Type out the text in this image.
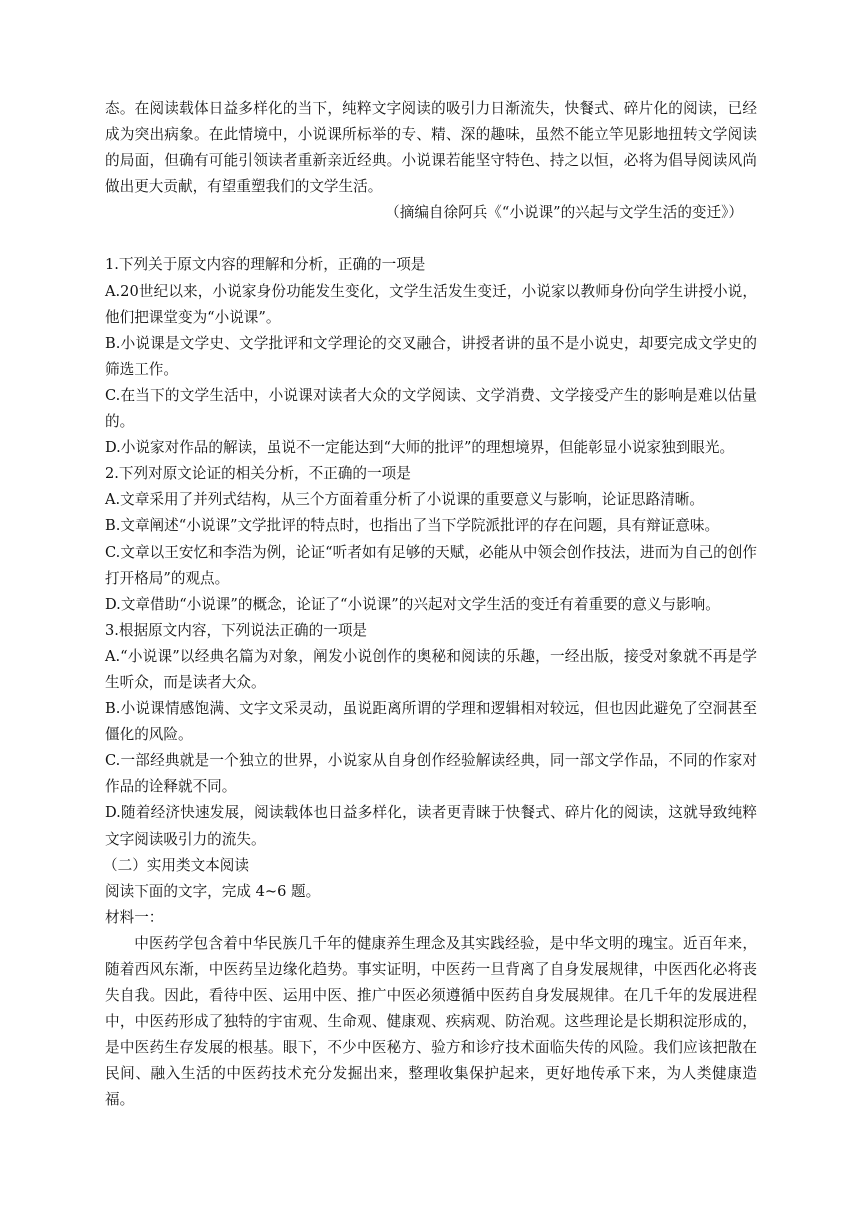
态。在阅读载体日益多样化的当下，纯粹文字阅读的吸引力日渐流失，快餐式、碎片化的阅读，已经成为突出病象。在此情境中，小说课所标举的专、精、深的趣味，虽然不能立竿见影地扭转文学阅读的局面，但确有可能引领读者重新亲近经典。小说课若能坚守特色、持之以恒，必将为倡导阅读风尚做出更大贡献，有望重塑我们的文学生活。

（摘编自徐阿兵《“小说课”的兴起与文学生活的变迁》）

1.下列关于原文内容的理解和分析，正确的一项是

A.20世纪以来，小说家身份功能发生变化，文学生活发生变迁，小说家以教师身份向学生讲授小说，他们把课堂变为“小说课”。

B.小说课是文学史、文学批评和文学理论的交叉融合，讲授者讲的虽不是小说史，却要完成文学史的筛选工作。

C.在当下的文学生活中，小说课对读者大众的文学阅读、文学消费、文学接受产生的影响是难以估量的。

D.小说家对作品的解读，虽说不一定能达到“大师的批评”的理想境界，但能彰显小说家独到眼光。

2.下列对原文论证的相关分析，不正确的一项是

A.文章采用了并列式结构，从三个方面着重分析了小说课的重要意义与影响，论证思路清晰。

B.文章阐述“小说课”文学批评的特点时，也指出了当下学院派批评的存在问题，具有辩证意味。

C.文章以王安忆和李浩为例，论证“听者如有足够的天赋，必能从中领会创作技法，进而为自己的创作打开格局”的观点。

D.文章借助“小说课”的概念，论证了“小说课”的兴起对文学生活的变迁有着重要的意义与影响。

3.根据原文内容，下列说法正确的一项是

A.“小说课”以经典名篇为对象，阐发小说创作的奥秘和阅读的乐趣，一经出版，接受对象就不再是学生听众，而是读者大众。

B.小说课情感饱满、文字文采灵动，虽说距离所谓的学理和逻辑相对较远，但也因此避免了空洞甚至僵化的风险。

C.一部经典就是一个独立的世界，小说家从自身创作经验解读经典，同一部文学作品，不同的作家对作品的诠释就不同。

D.随着经济快速发展，阅读载体也日益多样化，读者更青睐于快餐式、碎片化的阅读，这就导致纯粹文字阅读吸引力的流失。

（二）实用类文本阅读

阅读下面的文字，完成 4~6 题。

材料一：

中医药学包含着中华民族几千年的健康养生理念及其实践经验，是中华文明的瑰宝。近百年来，随着西风东渐，中医药呈边缘化趋势。事实证明，中医药一旦背离了自身发展规律，中医西化必将丧失自我。因此，看待中医、运用中医、推广中医必须遵循中医药自身发展规律。在几千年的发展进程中，中医药形成了独特的宇宙观、生命观、健康观、疾病观、防治观。这些理论是长期积淀形成的，是中医药生存发展的根基。眼下，不少中医秘方、验方和诊疗技术面临失传的风险。我们应该把散在民间、融入生活的中医药技术充分发掘出来，整理收集保护起来，更好地传承下来，为人类健康造福。
